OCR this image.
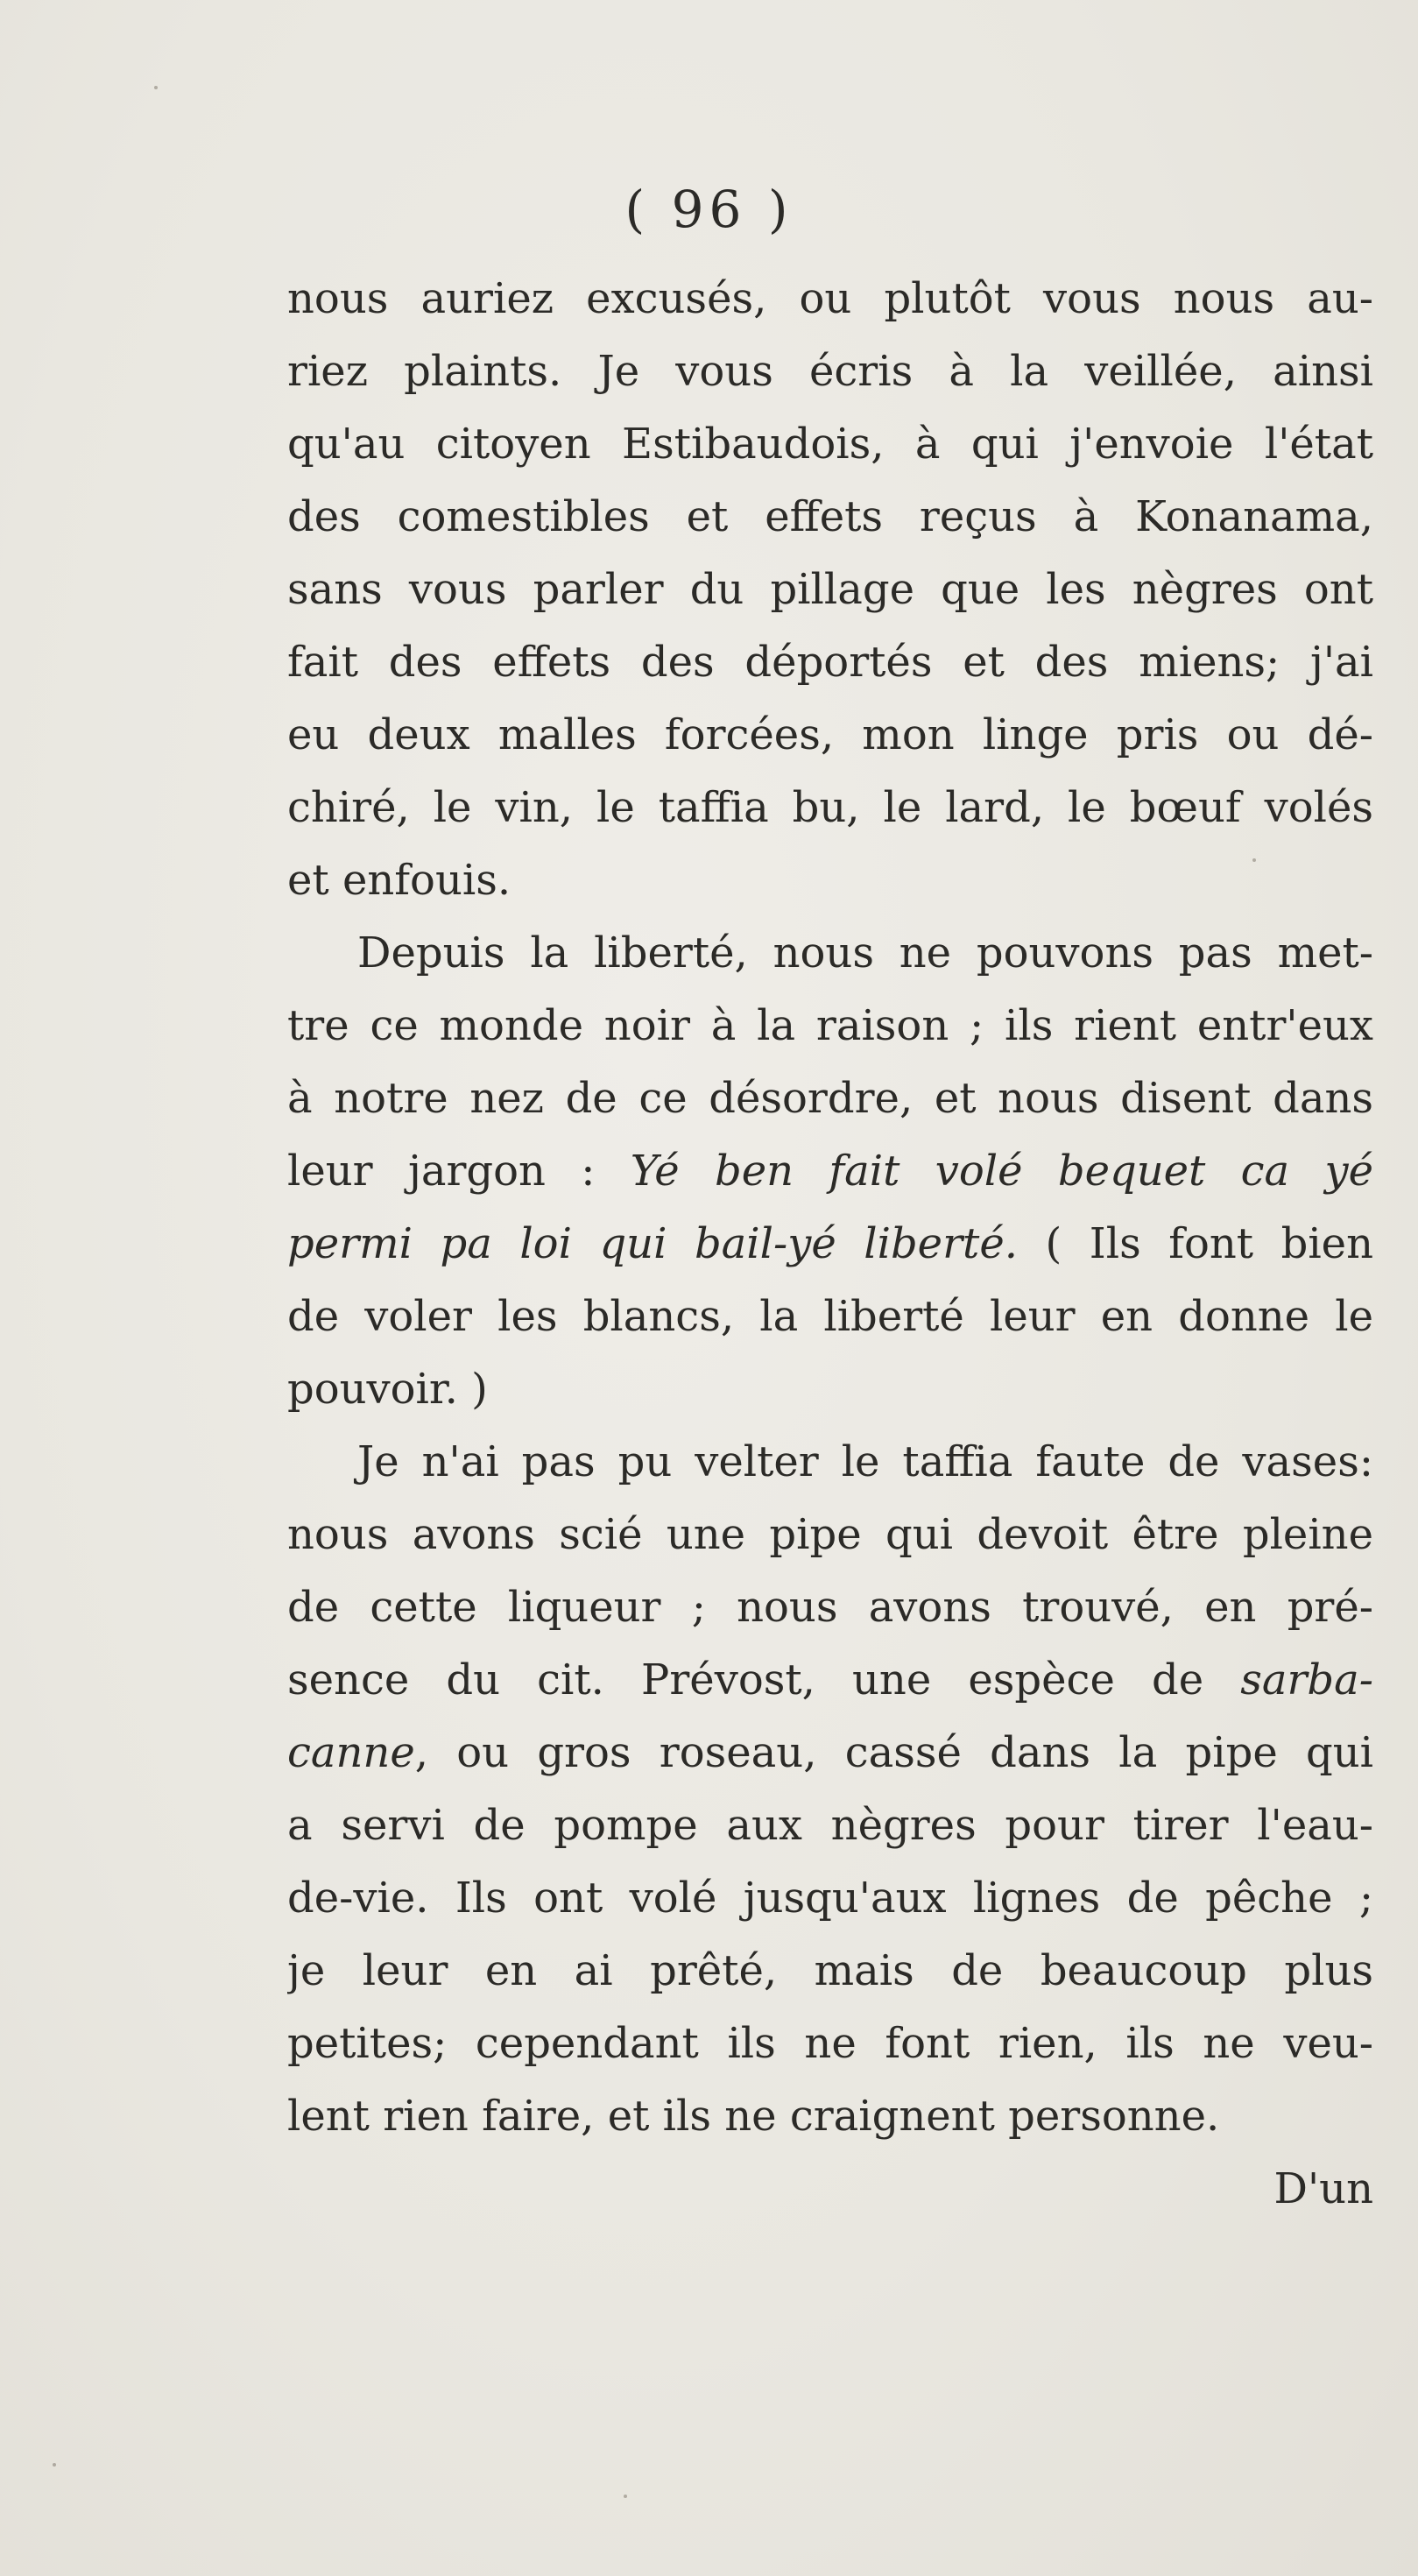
( 96 )
nous auriez excusés, ou plutôt vous nous au-
riez plaints. Je vous écris à la veillée, ainsi
qu'au citoyen Estibaudois, à qui j'envoie l'état
des comestibles et effets reçus à Konanama,
sans vous parler du pillage que les nègres ont
fait des effets des déportés et des miens; j'ai
eu deux malles forcées, mon linge pris ou dé-
chiré, le vin, le taffia bu, le lard, le bœuf volés
et enfouis.
Depuis la liberté, nous ne pouvons pas met-
tre ce monde noir à la raison ; ils rient entr'eux
à notre nez de ce désordre, et nous disent dans
leur jargon : Yé ben fait volé bequet ca yé
permi pa loi qui bail-yé liberté. ( Ils font bien
de voler les blancs, la liberté leur en donne le
pouvoir. )
Je n'ai pas pu velter le taffia faute de vases:
nous avons scié une pipe qui devoit être pleine
de cette liqueur ; nous avons trouvé, en pré-
sence du cit. Prévost, une espèce de sarba-
canne, ou gros roseau, cassé dans la pipe qui
a servi de pompe aux nègres pour tirer l'eau-
de-vie. Ils ont volé jusqu'aux lignes de pêche ;
je leur en ai prêté, mais de beaucoup plus
petites; cependant ils ne font rien, ils ne veu-
lent rien faire, et ils ne craignent personne.
D'un
